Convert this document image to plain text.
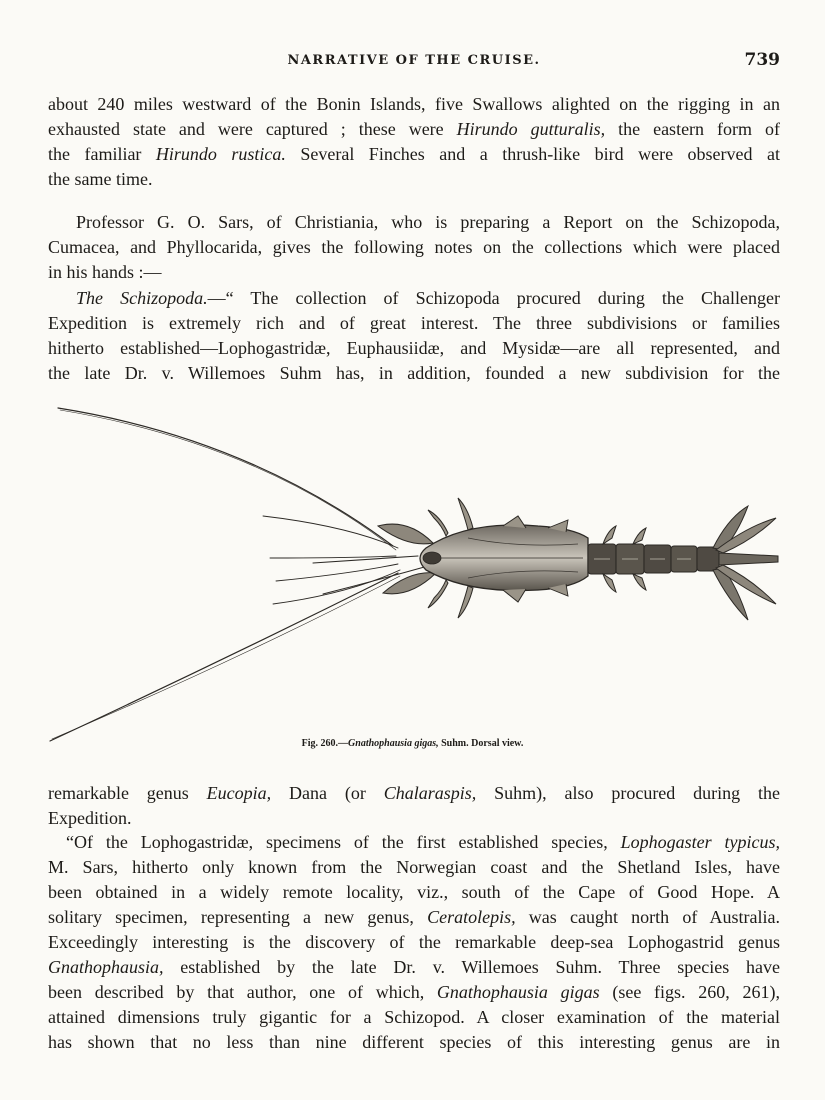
NARRATIVE OF THE CRUISE.	739
about 240 miles westward of the Bonin Islands, five Swallows alighted on the rigging in an
exhausted state and were captured ; these were Hirundo gutturalis, the eastern form of
the familiar Hirundo rustica. Several Finches and a thrush-like bird were observed at
the same time.
Professor G. O. Sars, of Christiania, who is preparing a Report on the Schizopoda,
Cumacea, and Phyllocarida, gives the following notes on the collections which were placed
in his hands :—
The Schizopoda.—“ The collection of Schizopoda procured during the Challenger
Expedition is extremely rich and of great interest. The three subdivisions or families
hitherto established—Lophogastridæ, Euphausiidæ, and Mysidæ—are all represented, and
the late Dr. v. Willemoes Suhm has, in addition, founded a new subdivision for the
Fig. 260.—Gnathophausia gigas, Suhm. Dorsal view.
remarkable genus Eucopia, Dana (or Chalaraspis, Suhm), also procured during the
Expedition.
“Of the Lophogastridæ, specimens of the first established species, Lophogaster typicus,
M. Sars, hitherto only known from the Norwegian coast and the Shetland Isles, have
been obtained in a widely remote locality, viz., south of the Cape of Good Hope. A
solitary specimen, representing a new genus, Ceratolepis, was caught north of Australia.
Exceedingly interesting is the discovery of the remarkable deep-sea Lophogastrid genus
Gnathophausia, established by the late Dr. v. Willemoes Suhm. Three species have
been described by that author, one of which, Gnathophausia gigas (see figs. 260, 261),
attained dimensions truly gigantic for a Schizopod. A closer examination of the material
has shown that no less than nine different species of this interesting genus are in
